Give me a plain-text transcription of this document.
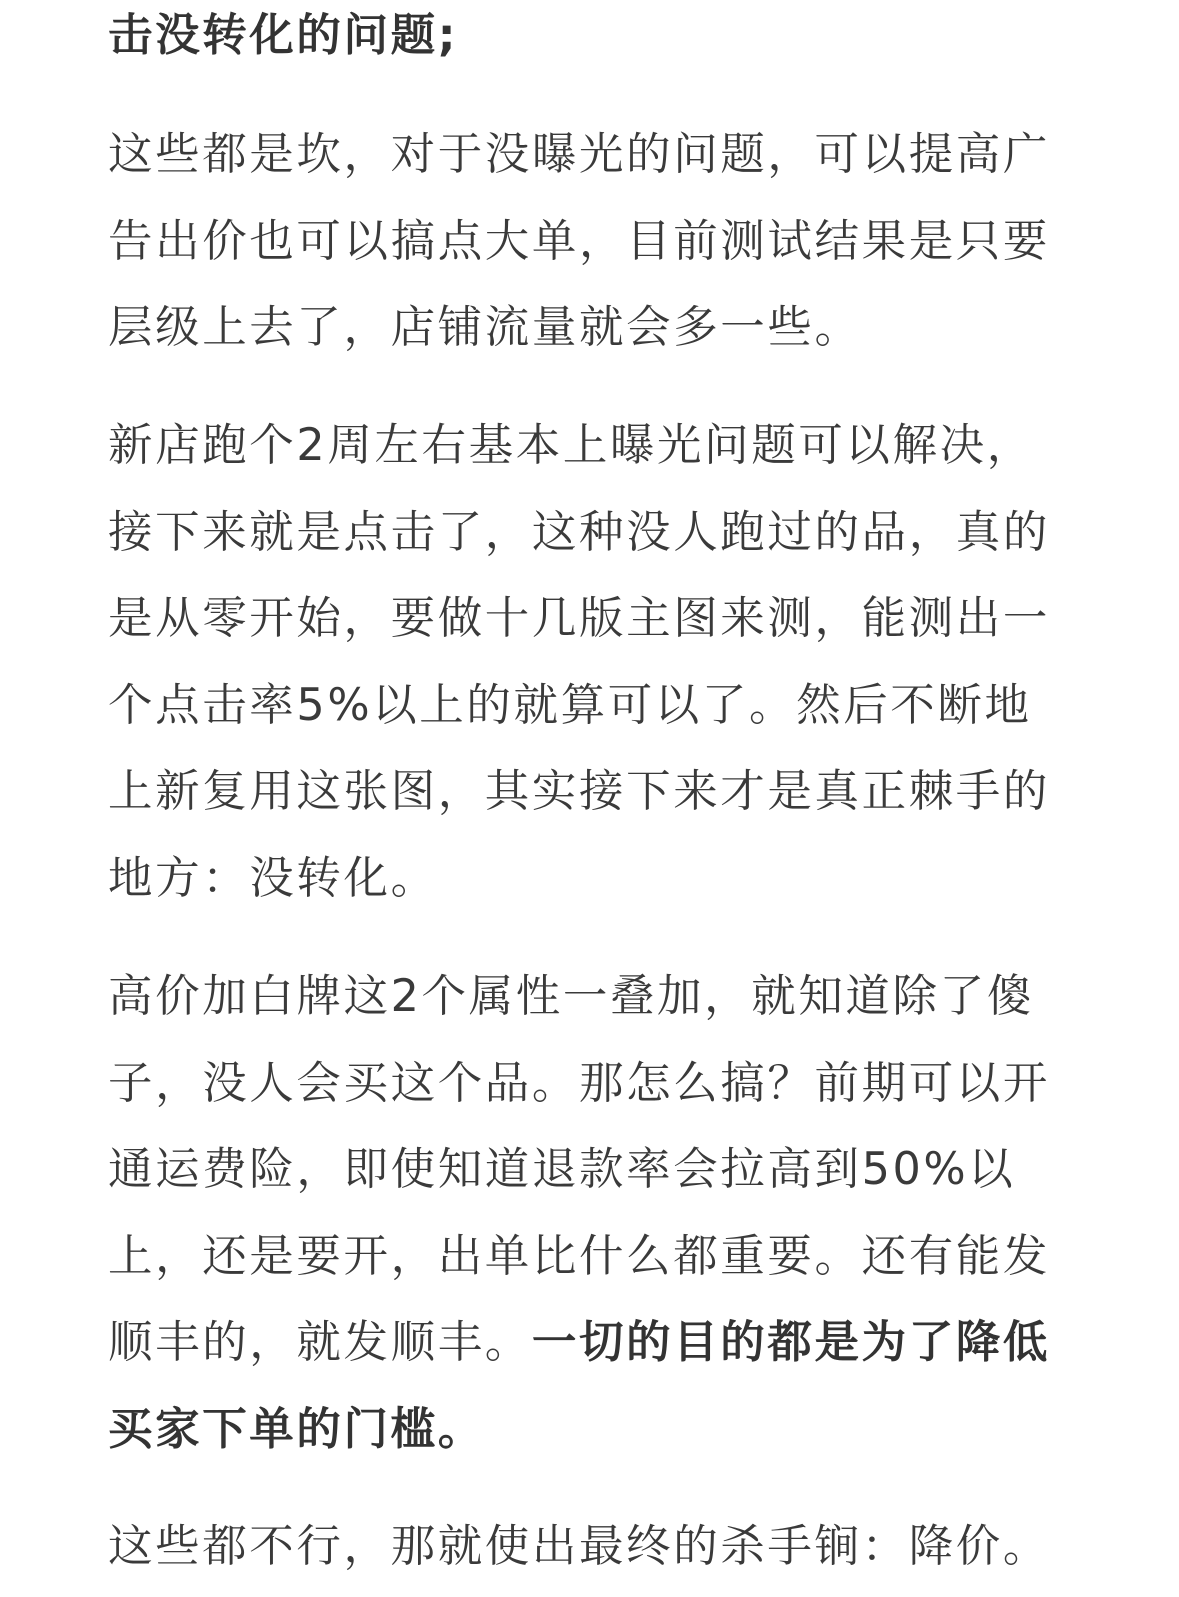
击没转化的问题;

这些都是坎，对于没曝光的问题，可以提高广告出价也可以搞点大单，目前测试结果是只要层级上去了，店铺流量就会多一些。

新店跑个2周左右基本上曝光问题可以解决，接下来就是点击了，这种没人跑过的品，真的是从零开始，要做十几版主图来测，能测出一个点击率5%以上的就算可以了。然后不断地上新复用这张图，其实接下来才是真正棘手的地方：没转化。

高价加白牌这2个属性一叠加，就知道除了傻子，没人会买这个品。那怎么搞？前期可以开通运费险，即使知道退款率会拉高到50%以上，还是要开，出单比什么都重要。还有能发顺丰的，就发顺丰。一切的目的都是为了降低买家下单的门槛。

这些都不行，那就使出最终的杀手锏：降价。
